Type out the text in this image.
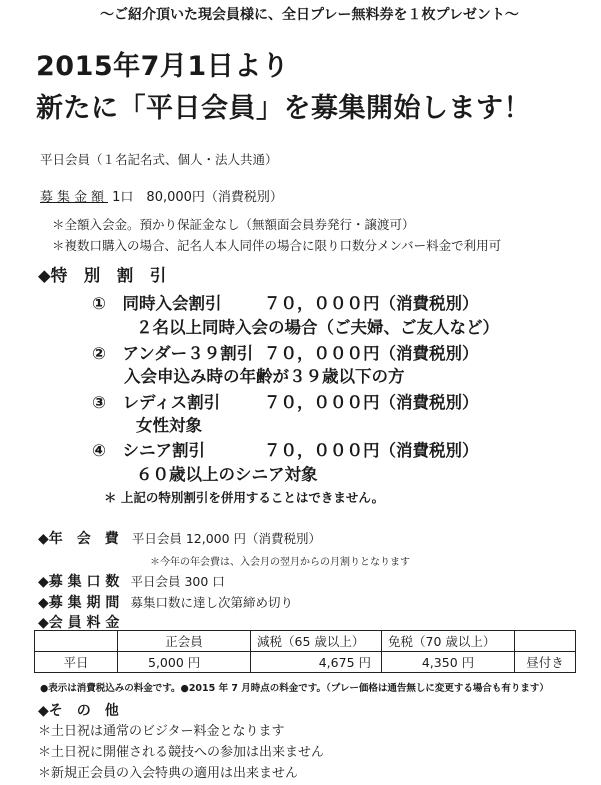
〜ご紹介頂いた現会員様に、全日プレー無料券を１枚プレゼント〜
2015年7月1日より
新たに「平日会員」を募集開始します！
平日会員（１名記名式、個人・法人共通）
募集金額 1口　80,000円（消費税別）
＊全額入会金。預かり保証金なし（無額面会員券発行・譲渡可）
＊複数口購入の場合、記名人本人同伴の場合に限り口数分メンバー料金で利用可
◆特　別　割　引
①　同時入会割引	７０，０００円（消費税別）
２名以上同時入会の場合（ご夫婦、ご友人など）
②　アンダー３９割引 ７０，０００円（消費税別）
入会申込み時の年齢が３９歳以下の方
③　レディス割引	７０，０００円（消費税別）
女性対象
④　シニア割引	７０，０００円（消費税別）
６０歳以上のシニア対象
＊ 上記の特別割引を併用することはできません。
◆年　会　費 平日会員 12,000 円（消費税別）
＊今年の年会費は、入会月の翌月からの月割りとなります
◆募 集 口 数 平日会員 300 口
◆募 集 期 間 募集口数に達し次第締め切り
◆会 員 料 金
	正会員	減税（65 歳以上）	免税（70 歳以上）	
平日	5,000 円	4,675 円	4,350 円	昼付き
●表示は消費税込みの料金です。●2015 年 7 月時点の料金です。（プレー価格は通告無しに変更する場合も有ります）
◆そ　の　他
＊土日祝は通常のビジター料金となります
＊土日祝に開催される競技への参加は出来ません
＊新規正会員の入会特典の適用は出来ません
